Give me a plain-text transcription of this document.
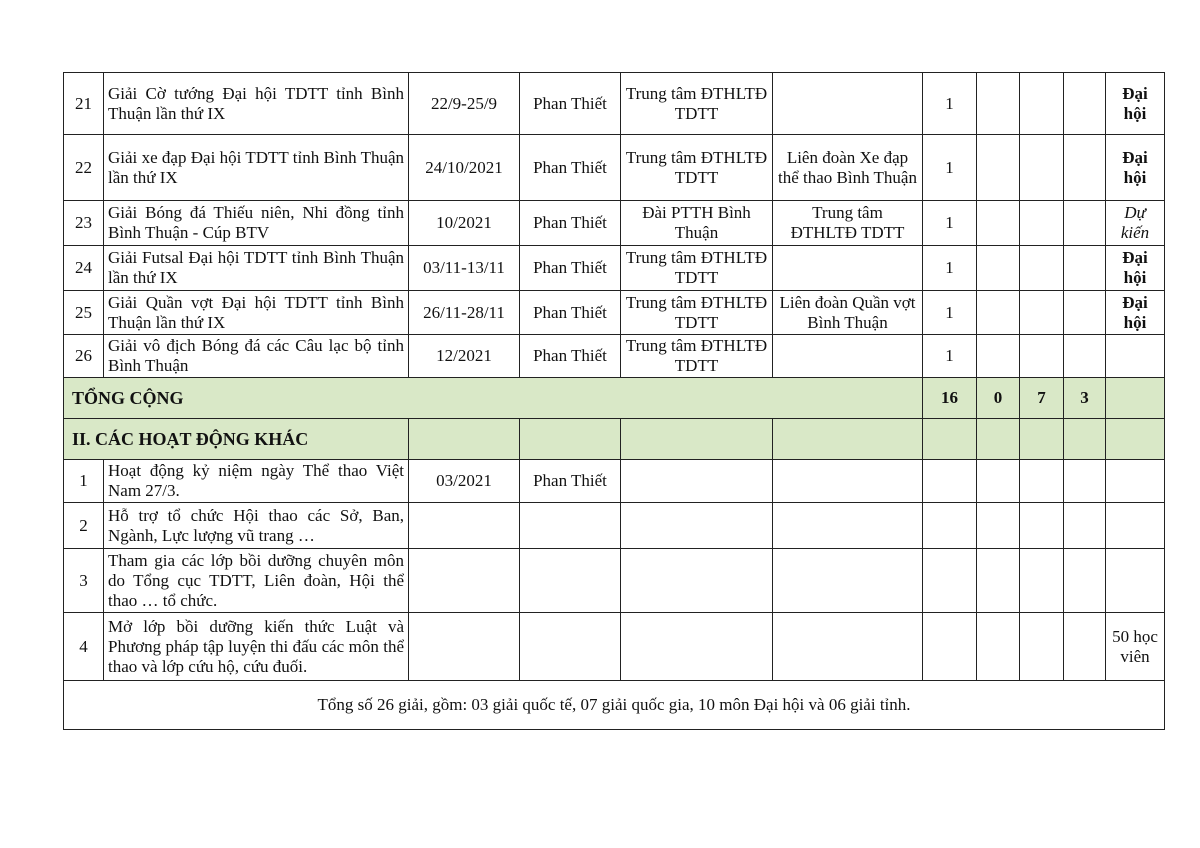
21	Giải Cờ tướng Đại hội TDTT tỉnh Bình Thuận lần thứ IX	22/9-25/9	Phan Thiết	Trung tâm ĐTHLTĐ TDTT		1				Đại hội
22	Giải xe đạp Đại hội TDTT tỉnh Bình Thuận lần thứ IX	24/10/2021	Phan Thiết	Trung tâm ĐTHLTĐ TDTT	Liên đoàn Xe đạp thể thao Bình Thuận	1				Đại hội
23	Giải Bóng đá Thiếu niên, Nhi đồng tỉnh Bình Thuận - Cúp BTV	10/2021	Phan Thiết	Đài PTTH Bình Thuận	Trung tâm ĐTHLTĐ TDTT	1				Dự kiến
24	Giải Futsal Đại hội TDTT tỉnh Bình Thuận lần thứ IX	03/11-13/11	Phan Thiết	Trung tâm ĐTHLTĐ TDTT		1				Đại hội
25	Giải Quần vợt Đại hội TDTT tỉnh Bình Thuận lần thứ IX	26/11-28/11	Phan Thiết	Trung tâm ĐTHLTĐ TDTT	Liên đoàn Quần vợt Bình Thuận	1				Đại hội
26	Giải vô địch Bóng đá các Câu lạc bộ tỉnh Bình Thuận	12/2021	Phan Thiết	Trung tâm ĐTHLTĐ TDTT		1				
TỔNG CỘNG						16	0	7	3	
II. CÁC HOẠT ĐỘNG KHÁC										
1	Hoạt động kỷ niệm ngày Thể thao Việt Nam 27/3.	03/2021	Phan Thiết							
2	Hỗ trợ tổ chức Hội thao các Sở, Ban, Ngành, Lực lượng vũ trang …									
3	Tham gia các lớp bồi dưỡng chuyên môn do Tổng cục TDTT, Liên đoàn, Hội thể thao … tổ chức.									
4	Mở lớp bồi dưỡng kiến thức Luật và Phương pháp tập luyện thi đấu các môn thể thao và lớp cứu hộ, cứu đuối.									50 học viên
Tổng số 26 giải, gồm: 03 giải quốc tế, 07 giải quốc gia, 10 môn Đại hội và 06 giải tỉnh.										
